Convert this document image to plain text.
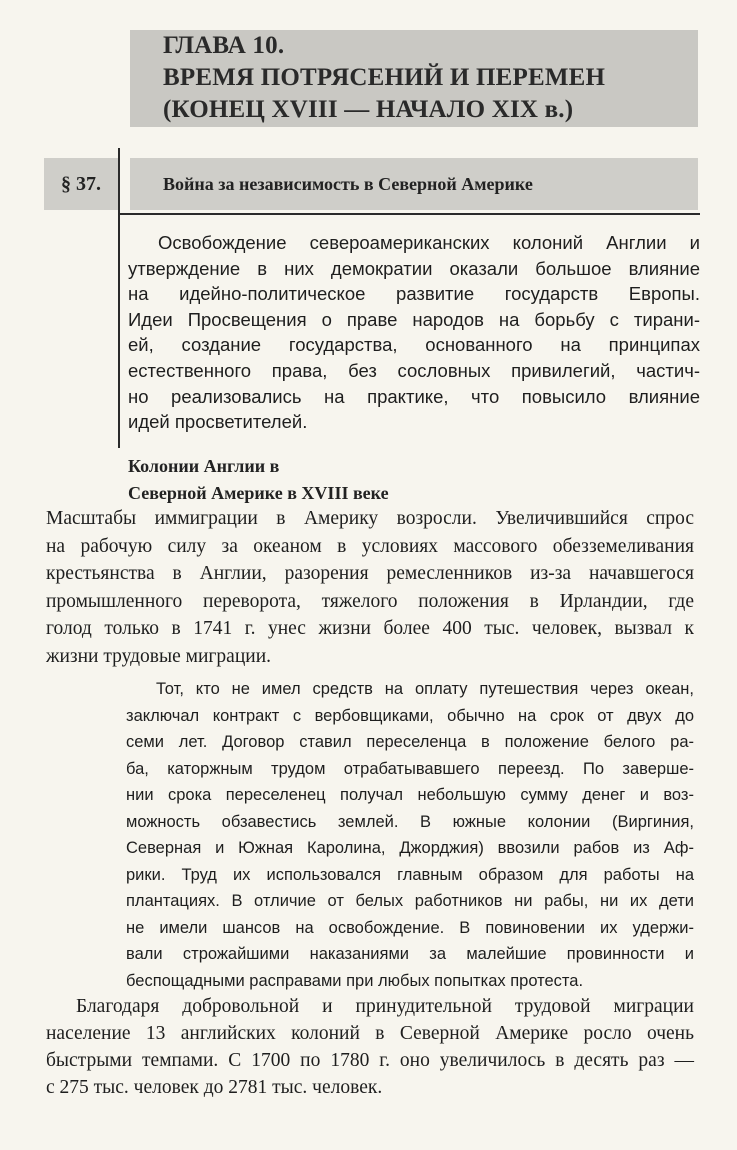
ГЛАВА 10.
ВРЕМЯ ПОТРЯСЕНИЙ И ПЕРЕМЕН
(КОНЕЦ XVIII — НАЧАЛО XIX в.)
§ 37.	Война за независимость в Северной Америке
Освобождение североамериканских колоний Англии и
утверждение в них демократии оказали большое влияние
на идейно-политическое развитие государств Европы.
Идеи Просвещения о праве народов на борьбу с тирани-
ей, создание государства, основанного на принципах
естественного права, без сословных привилегий, частич-
но реализовались на практике, что повысило влияние
идей просветителей.
Колонии Англии в
Северной Америке в XVIII веке
Масштабы иммиграции в Америку возросли. Увеличившийся спрос
на рабочую силу за океаном в условиях массового обезземеливания
крестьянства в Англии, разорения ремесленников из-за начавшегося
промышленного переворота, тяжелого положения в Ирландии, где
голод только в 1741 г. унес жизни более 400 тыс. человек, вызвал к
жизни трудовые миграции.
Тот, кто не имел средств на оплату путешествия через океан,
заключал контракт с вербовщиками, обычно на срок от двух до
семи лет. Договор ставил переселенца в положение белого ра-
ба, каторжным трудом отрабатывавшего переезд. По заверше-
нии срока переселенец получал небольшую сумму денег и воз-
можность обзавестись землей. В южные колонии (Виргиния,
Северная и Южная Каролина, Джорджия) ввозили рабов из Аф-
рики. Труд их использовался главным образом для работы на
плантациях. В отличие от белых работников ни рабы, ни их дети
не имели шансов на освобождение. В повиновении их удержи-
вали строжайшими наказаниями за малейшие провинности и
беспощадными расправами при любых попытках протеста.
Благодаря добровольной и принудительной трудовой миграции
население 13 английских колоний в Северной Америке росло очень
быстрыми темпами. С 1700 по 1780 г. оно увеличилось в десять раз —
с 275 тыс. человек до 2781 тыс. человек.
